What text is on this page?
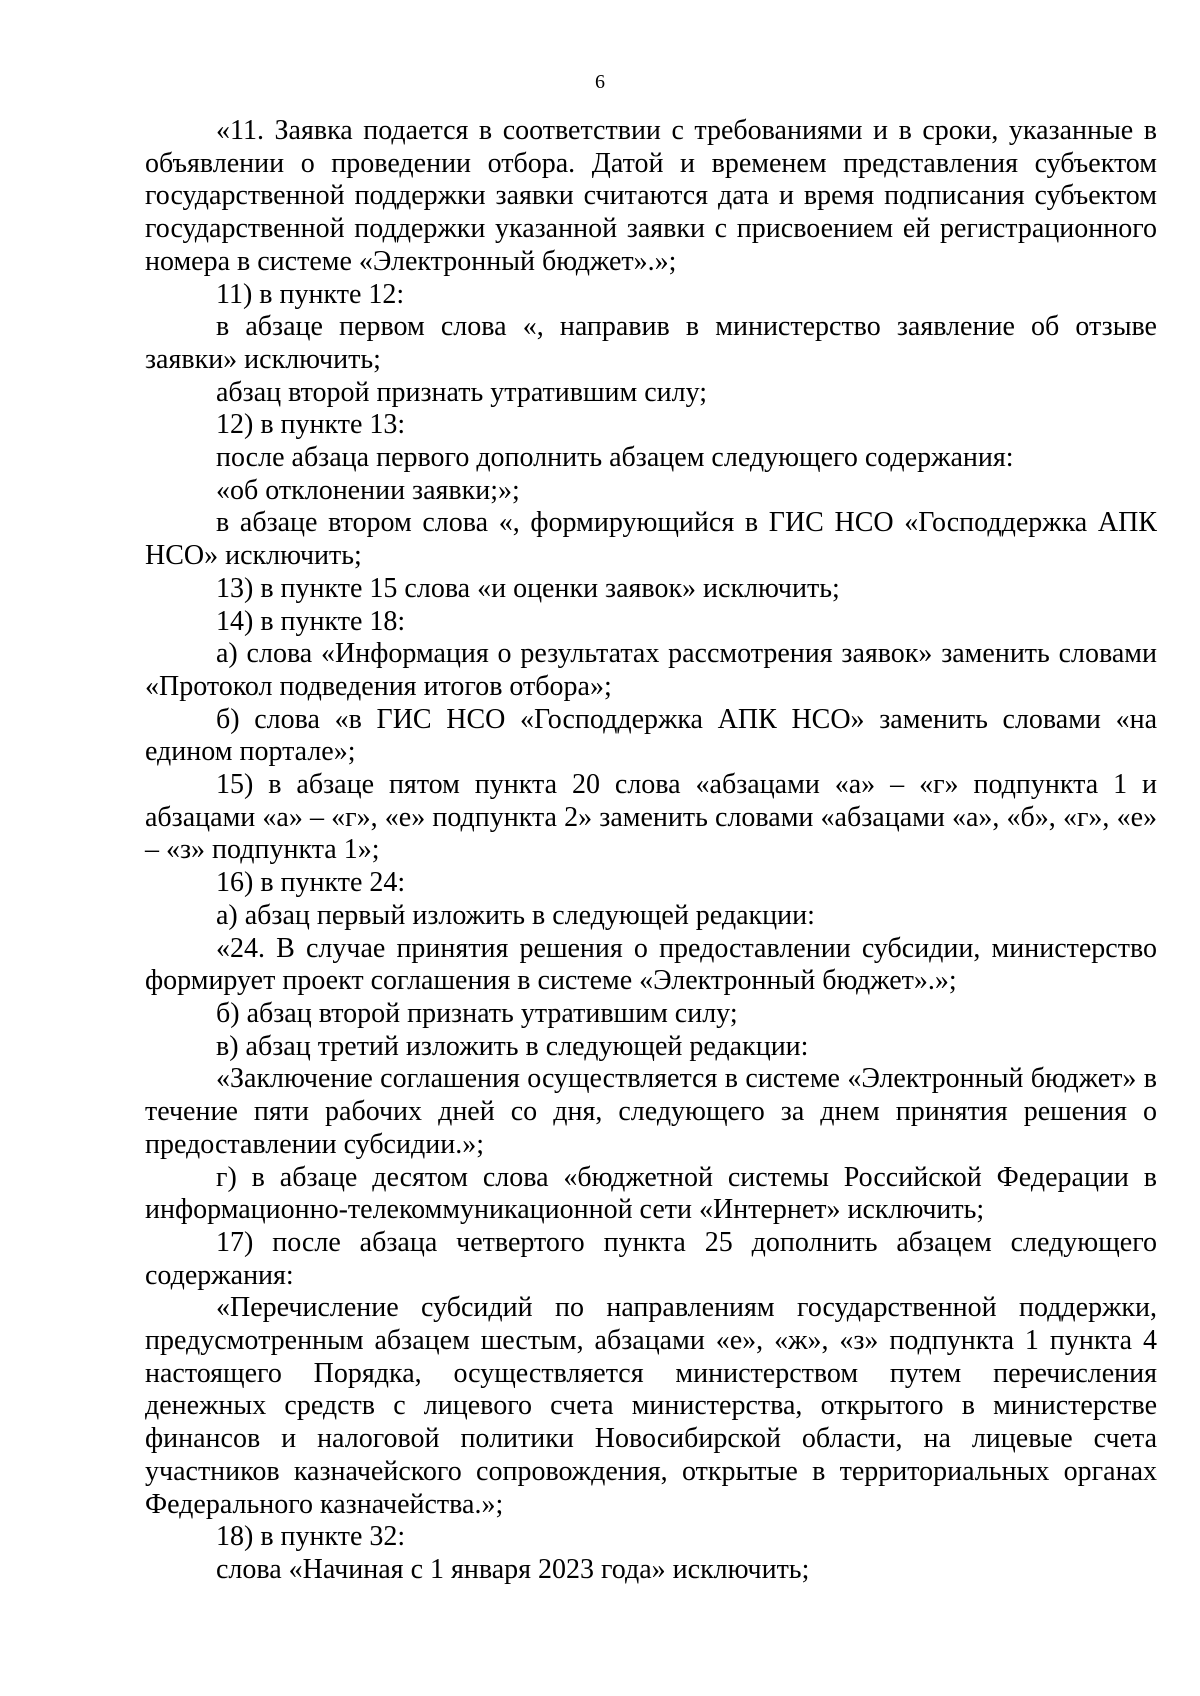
6

«11. Заявка подается в соответствии с требованиями и в сроки, указанные в объявлении о проведении отбора. Датой и временем представления субъектом государственной поддержки заявки считаются дата и время подписания субъектом государственной поддержки указанной заявки с присвоением ей регистрационного номера в системе «Электронный бюджет».»;

11) в пункте 12:

в абзаце первом слова «, направив в министерство заявление об отзыве заявки» исключить;

абзац второй признать утратившим силу;

12) в пункте 13:

после абзаца первого дополнить абзацем следующего содержания:

«об отклонении заявки;»;

в абзаце втором слова «, формирующийся в ГИС НСО «Господдержка АПК НСО» исключить;

13) в пункте 15 слова «и оценки заявок» исключить;

14) в пункте 18:

а) слова «Информация о результатах рассмотрения заявок» заменить словами «Протокол подведения итогов отбора»;

б) слова «в ГИС НСО «Господдержка АПК НСО» заменить словами «на едином портале»;

15) в абзаце пятом пункта 20 слова «абзацами «а» – «г» подпункта 1 и абзацами «а» – «г», «е» подпункта 2» заменить словами «абзацами «а», «б», «г», «е» – «з» подпункта 1»;

16) в пункте 24:

а) абзац первый изложить в следующей редакции:

«24. В случае принятия решения о предоставлении субсидии, министерство формирует проект соглашения в системе «Электронный бюджет».»;

б) абзац второй признать утратившим силу;

в) абзац третий изложить в следующей редакции:

«Заключение соглашения осуществляется в системе «Электронный бюджет» в течение пяти рабочих дней со дня, следующего за днем принятия решения о предоставлении субсидии.»;

г) в абзаце десятом слова «бюджетной системы Российской Федерации в информационно-телекоммуникационной сети «Интернет» исключить;

17) после абзаца четвертого пункта 25 дополнить абзацем следующего содержания:

«Перечисление субсидий по направлениям государственной поддержки, предусмотренным абзацем шестым, абзацами «е», «ж», «з» подпункта 1 пункта 4 настоящего Порядка, осуществляется министерством путем перечисления денежных средств с лицевого счета министерства, открытого в министерстве финансов и налоговой политики Новосибирской области, на лицевые счета участников казначейского сопровождения, открытые в территориальных органах Федерального казначейства.»;

18) в пункте 32:

слова «Начиная с 1 января 2023 года» исключить;
